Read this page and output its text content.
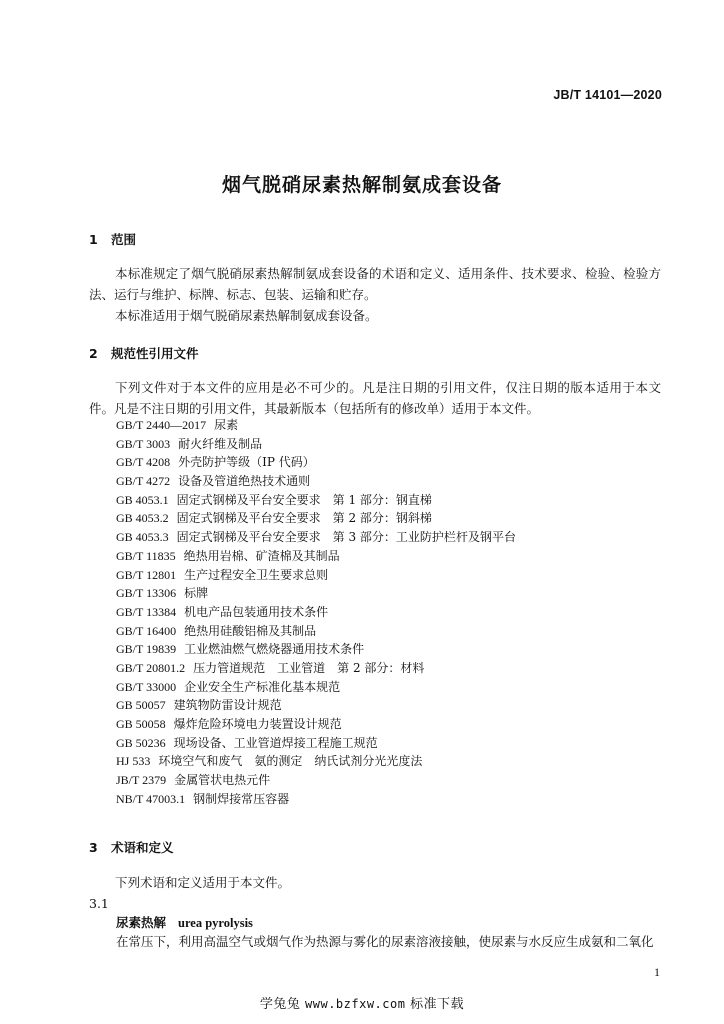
JB/T 14101—2020
烟气脱硝尿素热解制氨成套设备
1 范围
本标准规定了烟气脱硝尿素热解制氨成套设备的术语和定义、适用条件、技术要求、检验、检验方法、运行与维护、标牌、标志、包装、运输和贮存。
本标准适用于烟气脱硝尿素热解制氨成套设备。
2 规范性引用文件
下列文件对于本文件的应用是必不可少的。凡是注日期的引用文件，仅注日期的版本适用于本文件。凡是不注日期的引用文件，其最新版本（包括所有的修改单）适用于本文件。
GB/T 2440—2017 尿素
GB/T 3003 耐火纤维及制品
GB/T 4208 外壳防护等级（IP 代码）
GB/T 4272 设备及管道绝热技术通则
GB 4053.1 固定式钢梯及平台安全要求　第 1 部分：钢直梯
GB 4053.2 固定式钢梯及平台安全要求　第 2 部分：钢斜梯
GB 4053.3 固定式钢梯及平台安全要求　第 3 部分：工业防护栏杆及钢平台
GB/T 11835 绝热用岩棉、矿渣棉及其制品
GB/T 12801 生产过程安全卫生要求总则
GB/T 13306 标牌
GB/T 13384 机电产品包装通用技术条件
GB/T 16400 绝热用硅酸铝棉及其制品
GB/T 19839 工业燃油燃气燃烧器通用技术条件
GB/T 20801.2 压力管道规范　工业管道　第 2 部分：材料
GB/T 33000 企业安全生产标准化基本规范
GB 50057 建筑物防雷设计规范
GB 50058 爆炸危险环境电力装置设计规范
GB 50236 现场设备、工业管道焊接工程施工规范
HJ 533 环境空气和废气　氨的测定　纳氏试剂分光光度法
JB/T 2379 金属管状电热元件
NB/T 47003.1 钢制焊接常压容器
3 术语和定义
下列术语和定义适用于本文件。
3.1
尿素热解 urea pyrolysis
在常压下，利用高温空气或烟气作为热源与雾化的尿素溶液接触，使尿素与水反应生成氨和二氧化
1
学兔兔 www.bzfxw.com 标准下载
